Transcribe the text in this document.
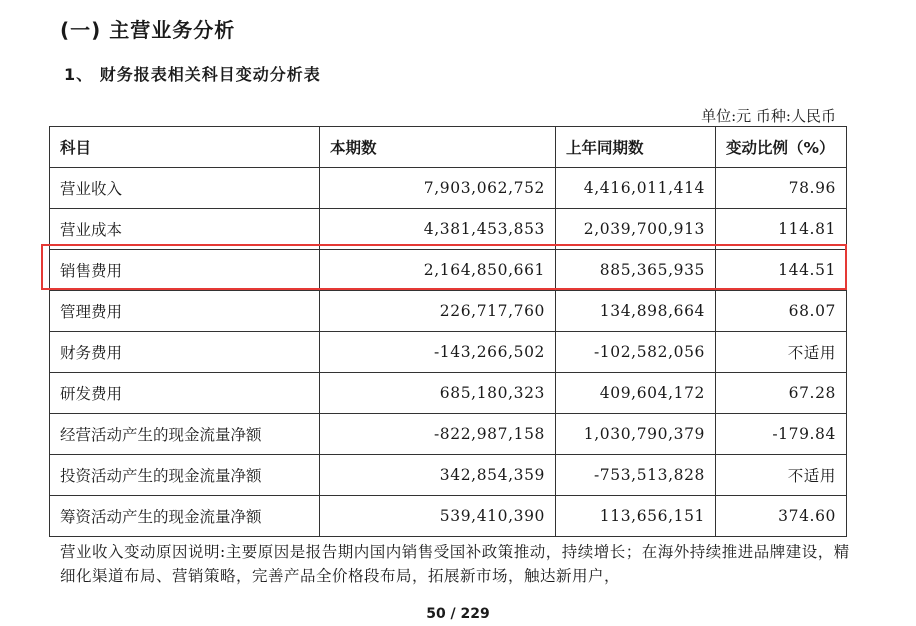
(一) 主营业务分析
1、 财务报表相关科目变动分析表
单位:元 币种:人民币
科目	本期数	上年同期数	变动比例（%）
营业收入	7,903,062,752	4,416,011,414	78.96
营业成本	4,381,453,853	2,039,700,913	114.81
销售费用	2,164,850,661	885,365,935	144.51
管理费用	226,717,760	134,898,664	68.07
财务费用	-143,266,502	-102,582,056	不适用
研发费用	685,180,323	409,604,172	67.28
经营活动产生的现金流量净额	-822,987,158	1,030,790,379	-179.84
投资活动产生的现金流量净额	342,854,359	-753,513,828	不适用
筹资活动产生的现金流量净额	539,410,390	113,656,151	374.60
营业收入变动原因说明:主要原因是报告期内国内销售受国补政策推动，持续增长；在海外持续推进品牌建设，精细化渠道布局、营销策略，完善产品全价格段布局，拓展新市场，触达新用户，
50 / 229
